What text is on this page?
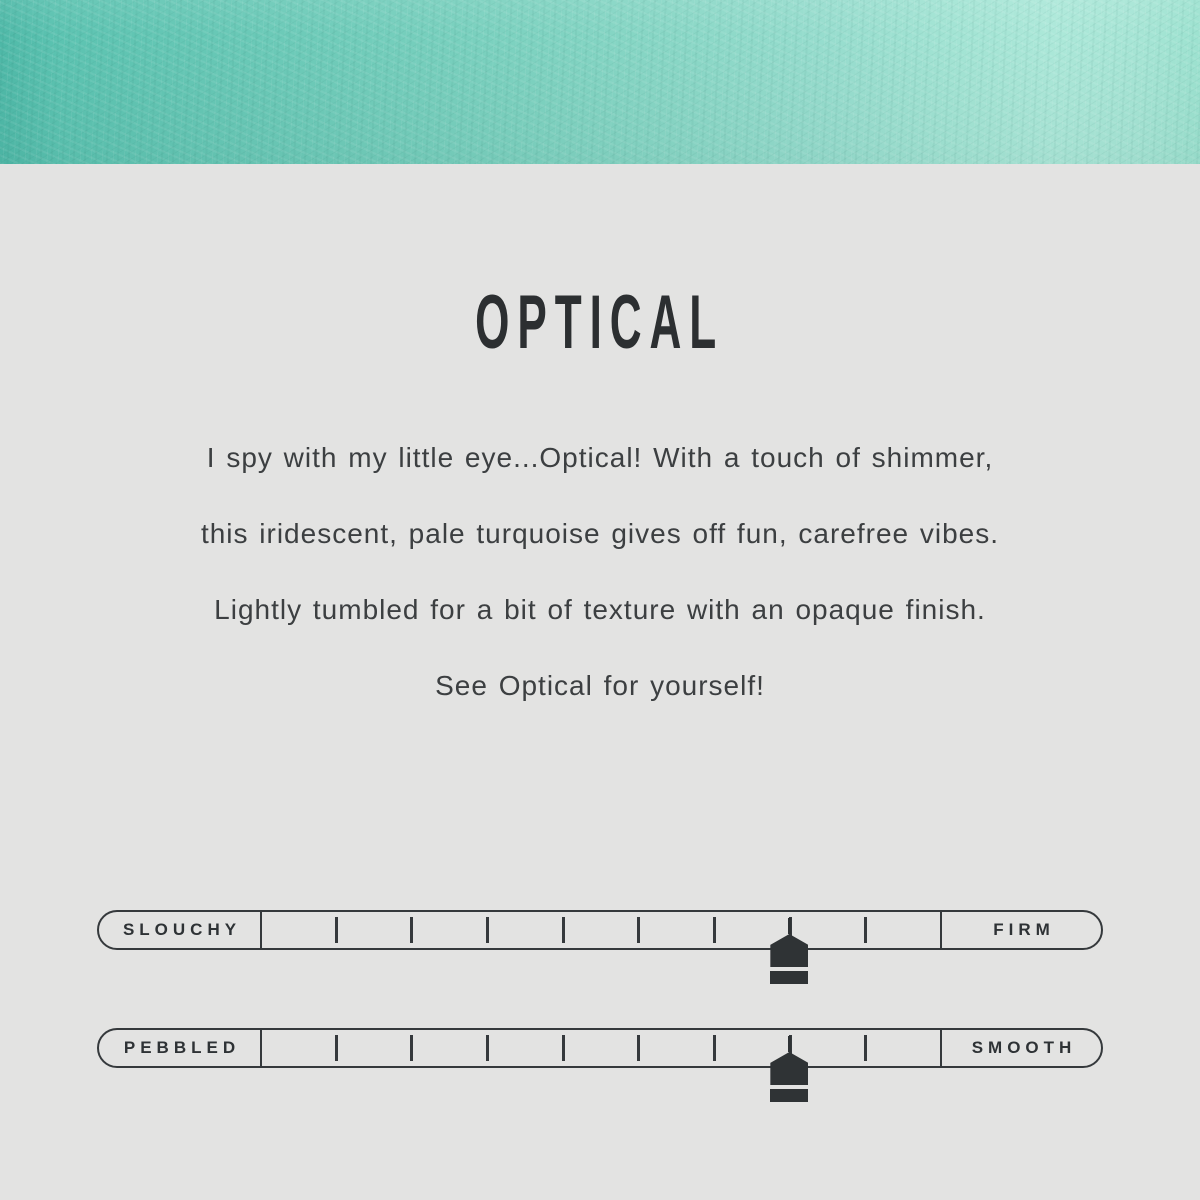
OPTICAL

I spy with my little eye...Optical! With a touch of shimmer,

this iridescent, pale turquoise gives off fun, carefree vibes.

Lightly tumbled for a bit of texture with an opaque finish.

See Optical for yourself!

SLOUCHY	FIRM
PEBBLED	SMOOTH
